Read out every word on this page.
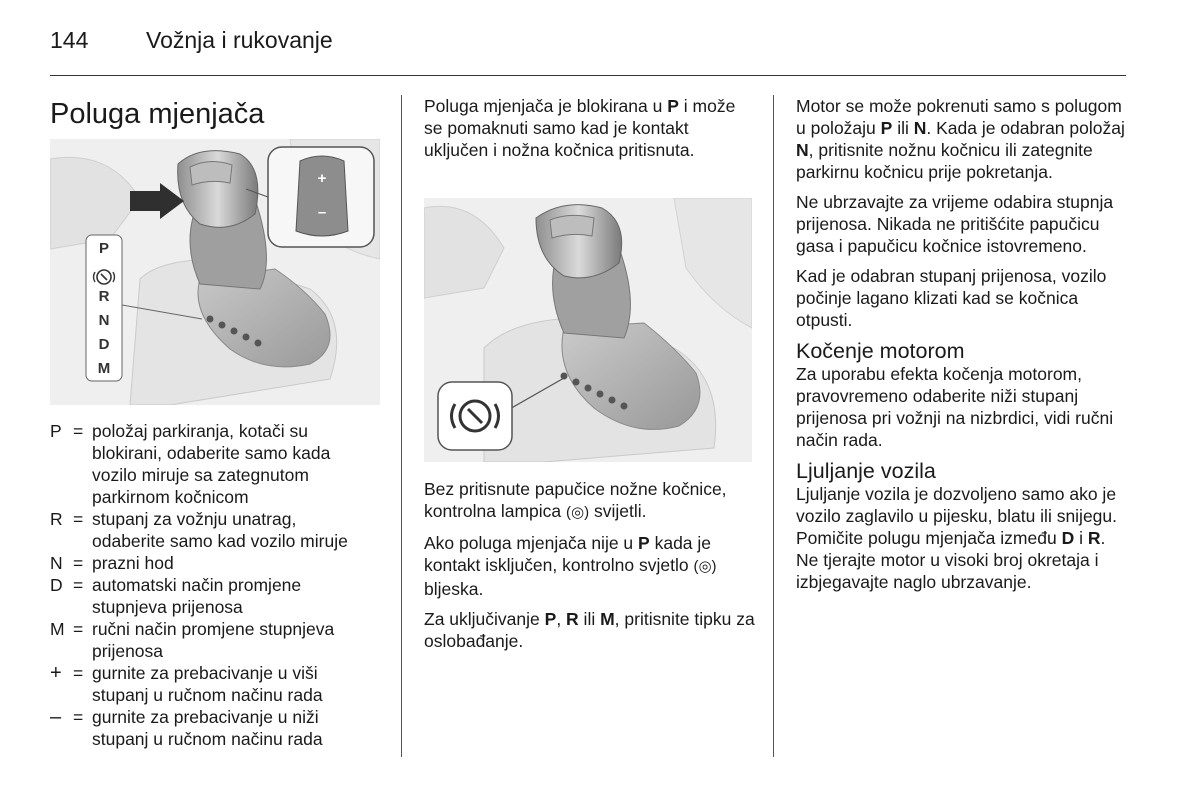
144	Vožnja i rukovanje
Poluga mjenjača
+
–
P
R
N
D
M
P = položaj parkiranja, kotači su
blokirani, odaberite samo kada
vozilo miruje sa zategnutom
parkirnom kočnicom
R = stupanj za vožnju unatrag,
odaberite samo kad vozilo miruje
N = prazni hod
D = automatski način promjene
stupnjeva prijenosa
M = ručni način promjene stupnjeva
prijenosa
+ = gurnite za prebacivanje u viši
stupanj u ručnom načinu rada
– = gurnite za prebacivanje u niži
stupanj u ručnom načinu rada

Poluga mjenjača je blokirana u P i može se pomaknuti samo kad je kontakt uključen i nožna kočnica pritisnuta.

Bez pritisnute papučice nožne kočnice, kontrolna lampica (◎) svijetli.

Ako poluga mjenjača nije u P kada je kontakt isključen, kontrolno svjetlo (◎) bljeska.

Za uključivanje P, R ili M, pritisnite tipku za oslobađanje.

Motor se može pokrenuti samo s polugom u položaju P ili N. Kada je odabran položaj N, pritisnite nožnu kočnicu ili zategnite parkirnu kočnicu prije pokretanja.

Ne ubrzavajte za vrijeme odabira stupnja prijenosa. Nikada ne pritišćite papučicu gasa i papučicu kočnice istovremeno.

Kad je odabran stupanj prijenosa, vozilo počinje lagano klizati kad se kočnica otpusti.

Kočenje motorom

Za uporabu efekta kočenja motorom, pravovremeno odaberite niži stupanj prijenosa pri vožnji na nizbrdici, vidi ručni način rada.

Ljuljanje vozila

Ljuljanje vozila je dozvoljeno samo ako je vozilo zaglavilo u pijesku, blatu ili snijegu. Pomičite polugu mjenjača između D i R. Ne tjerajte motor u visoki broj okretaja i izbjegavajte naglo ubrzavanje.
